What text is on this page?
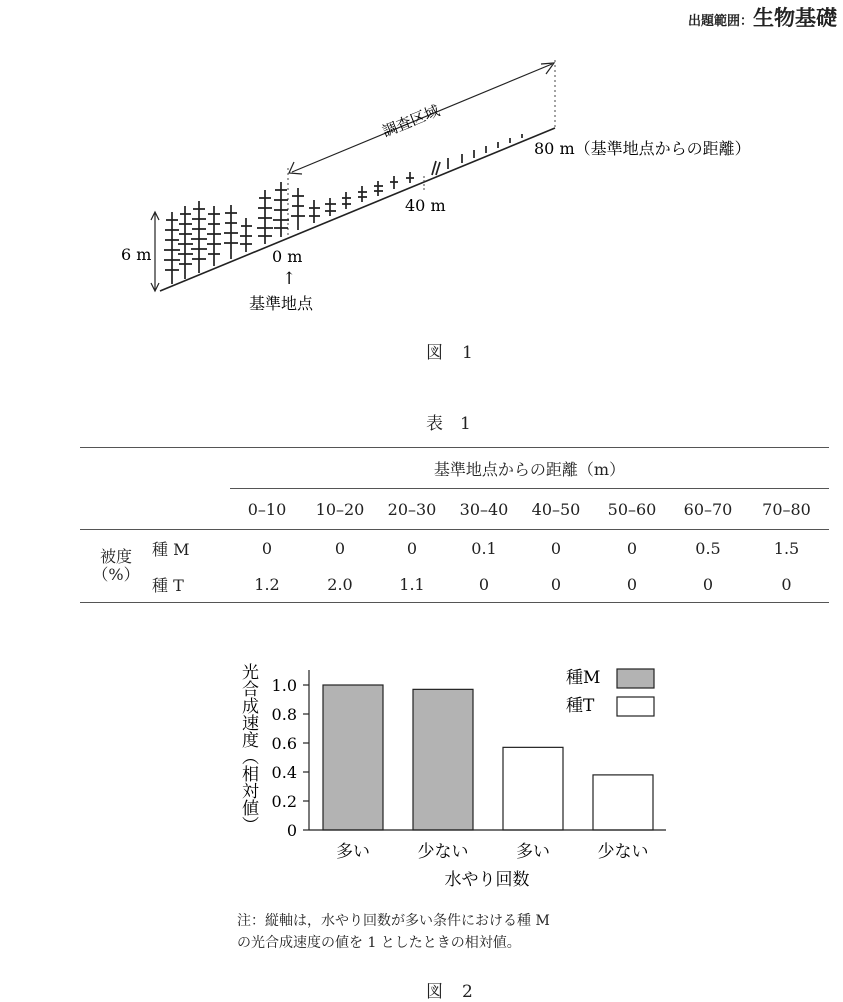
出題範囲：生物基礎
調査区域
80 m（基準地点からの距離）
40 m
0 m
6 m
↑
基準地点
図　1
表　1
		基準地点からの距離（m）							
		0–10	10–20	20–30	30–40	40–50	50–60	60–70	70–80

被度
（%）	種 M	0	0	0	0.1	0	0	0.5	1.5
	種 T	1.2	2.0	1.1	0	0	0	0	0
光合成速度（相対値） 0
0.2
0.4
0.6
0.8
1.0
多い	少ない	多い	少ない
種M
種T
水やり回数
注：縦軸は，水やり回数が多い条件における種 M
の光合成速度の値を 1 としたときの相対値。
図　2
